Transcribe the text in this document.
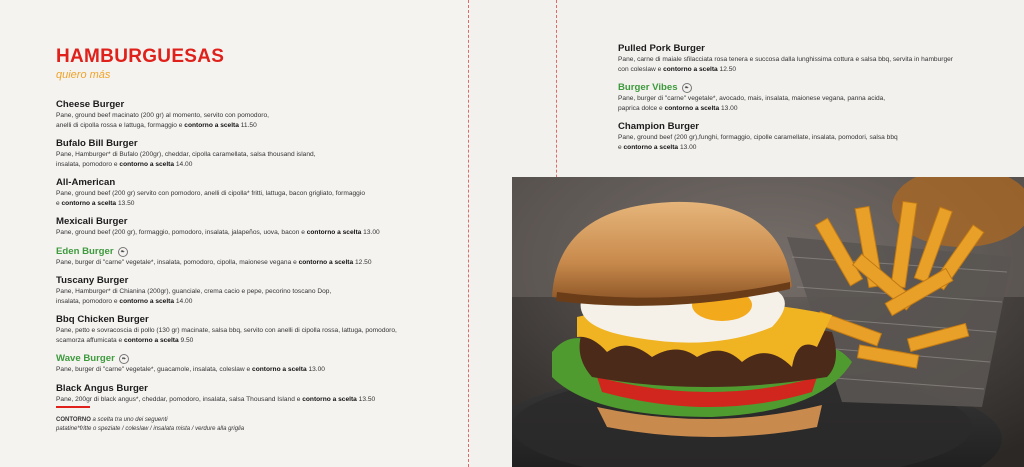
HAMBURGUESAS
quiero más
Cheese Burger
Pane, ground beef macinato (200 gr) al momento, servito con pomodoro,
anelli di cipolla rossa e lattuga, formaggio e contorno a scelta 11.50
Bufalo Bill Burger
Pane, Hamburger* di Bufalo (200gr), cheddar, cipolla caramellata, salsa thousand island,
insalata, pomodoro e contorno a scelta 14.00
All-American
Pane, ground beef (200 gr) servito con pomodoro, anelli di cipolla* fritti, lattuga, bacon grigliato, formaggio
e contorno a scelta 13.50
Mexicali Burger
Pane, ground beef (200 gr), formaggio, pomodoro, insalata, jalapeños, uova, bacon e contorno a scelta 13.00
Eden Burger	❧
Pane, burger di "carne" vegetale*, insalata, pomodoro, cipolla, maionese vegana e contorno a scelta 12.50
Tuscany Burger
Pane, Hamburger* di Chianina (200gr), guanciale, crema cacio e pepe, pecorino toscano Dop,
insalata, pomodoro e contorno a scelta 14.00
Bbq Chicken Burger
Pane, petto e sovracoscia di pollo (130 gr) macinate, salsa bbq, servito con anelli di cipolla rossa, lattuga, pomodoro,
scamorza affumicata e contorno a scelta 9.50
Wave Burger	❧
Pane, burger di "carne" vegetale*, guacamole, insalata, coleslaw e contorno a scelta 13.00
Black Angus Burger
Pane, 200gr di black angus*, cheddar, pomodoro, insalata, salsa Thousand Island e contorno a scelta 13.50
CONTORNO a scelta tra uno dei seguenti
patatine*fritte o speziate / coleslaw / insalata mista / verdure alla griglia
Pulled Pork Burger
Pane, carne di maiale sfilacciata rosa tenera e succosa dalla lunghissima cottura e salsa bbq, servita in hamburger
con coleslaw e contorno a scelta 12.50
Burger Vibes	❧
Pane, burger di "carne" vegetale*, avocado, mais, insalata, maionese vegana, panna acida,
paprica dolce e contorno a scelta 13.00
Champion Burger
Pane, ground beef (200 gr),funghi, formaggio, cipolle caramellate, insalata, pomodori, salsa bbq
e contorno a scelta 13.00
